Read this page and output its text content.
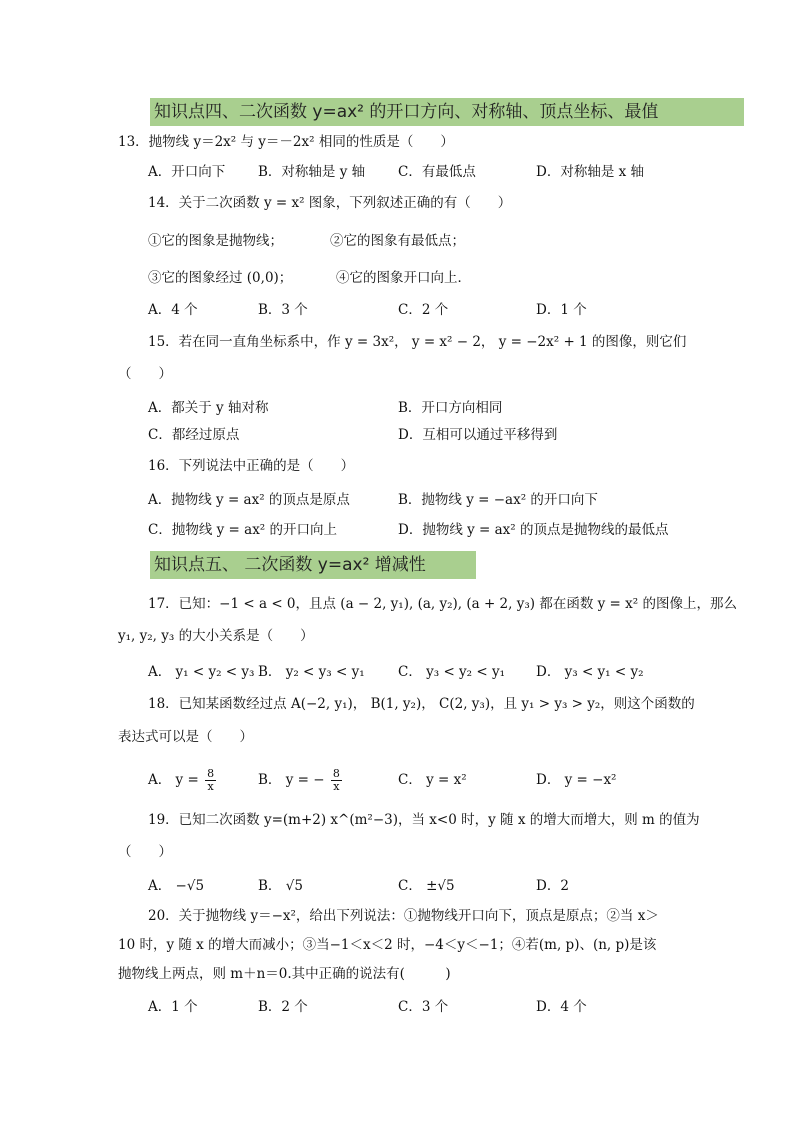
知识点四、二次函数 y=ax² 的开口方向、对称轴、顶点坐标、最值
13．抛物线 y＝2x² 与 y＝－2x² 相同的性质是（　　）
A．开口向下 B．对称轴是 y 轴 C．有最低点	D．对称轴是 x 轴
14．关于二次函数 y = x² 图象，下列叙述正确的有（　　）
①它的图象是抛物线；	②它的图象有最低点；
③它的图象经过 (0,0)；	④它的图象开口向上．
A．4 个	B．3 个	C．2 个	D．1 个
15．若在同一直角坐标系中，作 y = 3x²， y = x² − 2， y = −2x² + 1 的图像，则它们
（　　）
A．都关于 y 轴对称	B．开口方向相同
C．都经过原点	D．互相可以通过平移得到
16．下列说法中正确的是（　　）
A．抛物线 y = ax² 的顶点是原点	B．抛物线 y = −ax² 的开口向下
C．抛物线 y = ax² 的开口向上	D．抛物线 y = ax² 的顶点是抛物线的最低点
知识点五、 二次函数 y=ax² 增减性
17．已知：−1 < a < 0，且点 (a − 2, y₁), (a, y₂), (a + 2, y₃) 都在函数 y = x² 的图像上，那么
y₁, y₂, y₃ 的大小关系是（　　）
A． y₁ < y₂ < y₃ B． y₂ < y₃ < y₁ C． y₃ < y₂ < y₁ D． y₃ < y₁ < y₂
18．已知某函数经过点 A(−2, y₁)， B(1, y₂)， C(2, y₃)，且 y₁ > y₃ > y₂，则这个函数的
表达式可以是（　　）
A． $y = \frac{8}{x}$	B． y = − $\frac{8}{x}$	C． y = x²	D． y = −x²
19．已知二次函数 y=(m+2) x^(m²−3)，当 x<0 时，y 随 x 的增大而增大，则 m 的值为
（　　）
A． −√5	B． √5	C． ±√5	D．2
20．关于抛物线 y＝−x²，给出下列说法：①抛物线开口向下，顶点是原点；②当 x＞
10 时，y 随 x 的增大而减小；③当−1＜x＜2 时，−4＜y＜−1；④若(m, p)、(n, p)是该
抛物线上两点，则 m＋n＝0.其中正确的说法有(　　　)
A．1 个	B．2 个	C．3 个	D．4 个
